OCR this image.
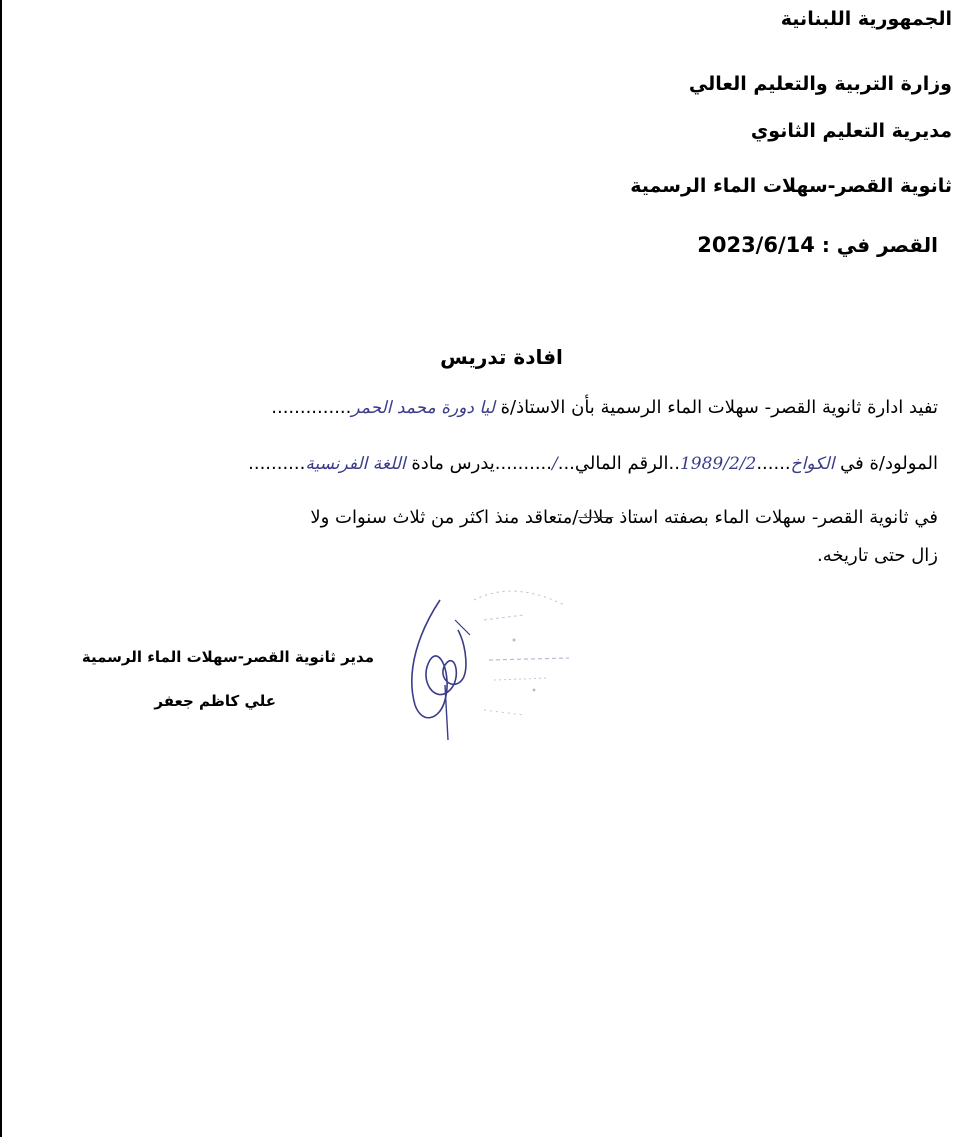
الجمهورية اللبنانية
وزارة التربية والتعليم العالي
مديرية التعليم الثانوي
ثانوية القصر-سهلات الماء الرسمية
القصر في : 2023/6/14
افادة تدريس
تفيد ادارة ثانوية القصر- سهلات الماء الرسمية بأن الاستاذ/ة ليا دورة محمد الحمر..............
المولود/ة في الكواخ......1989/2/2..الرقم المالي.../..........يدرس مادة اللغة الفرنسية..........
في ثانوية القصر- سهلات الماء بصفته استاذ ملاك/متعاقد منذ اكثر من ثلاث سنوات ولا
زال حتى تاريخه.
مدير ثانوية القصر-سهلات الماء الرسمية
علي كاظم جعفر
